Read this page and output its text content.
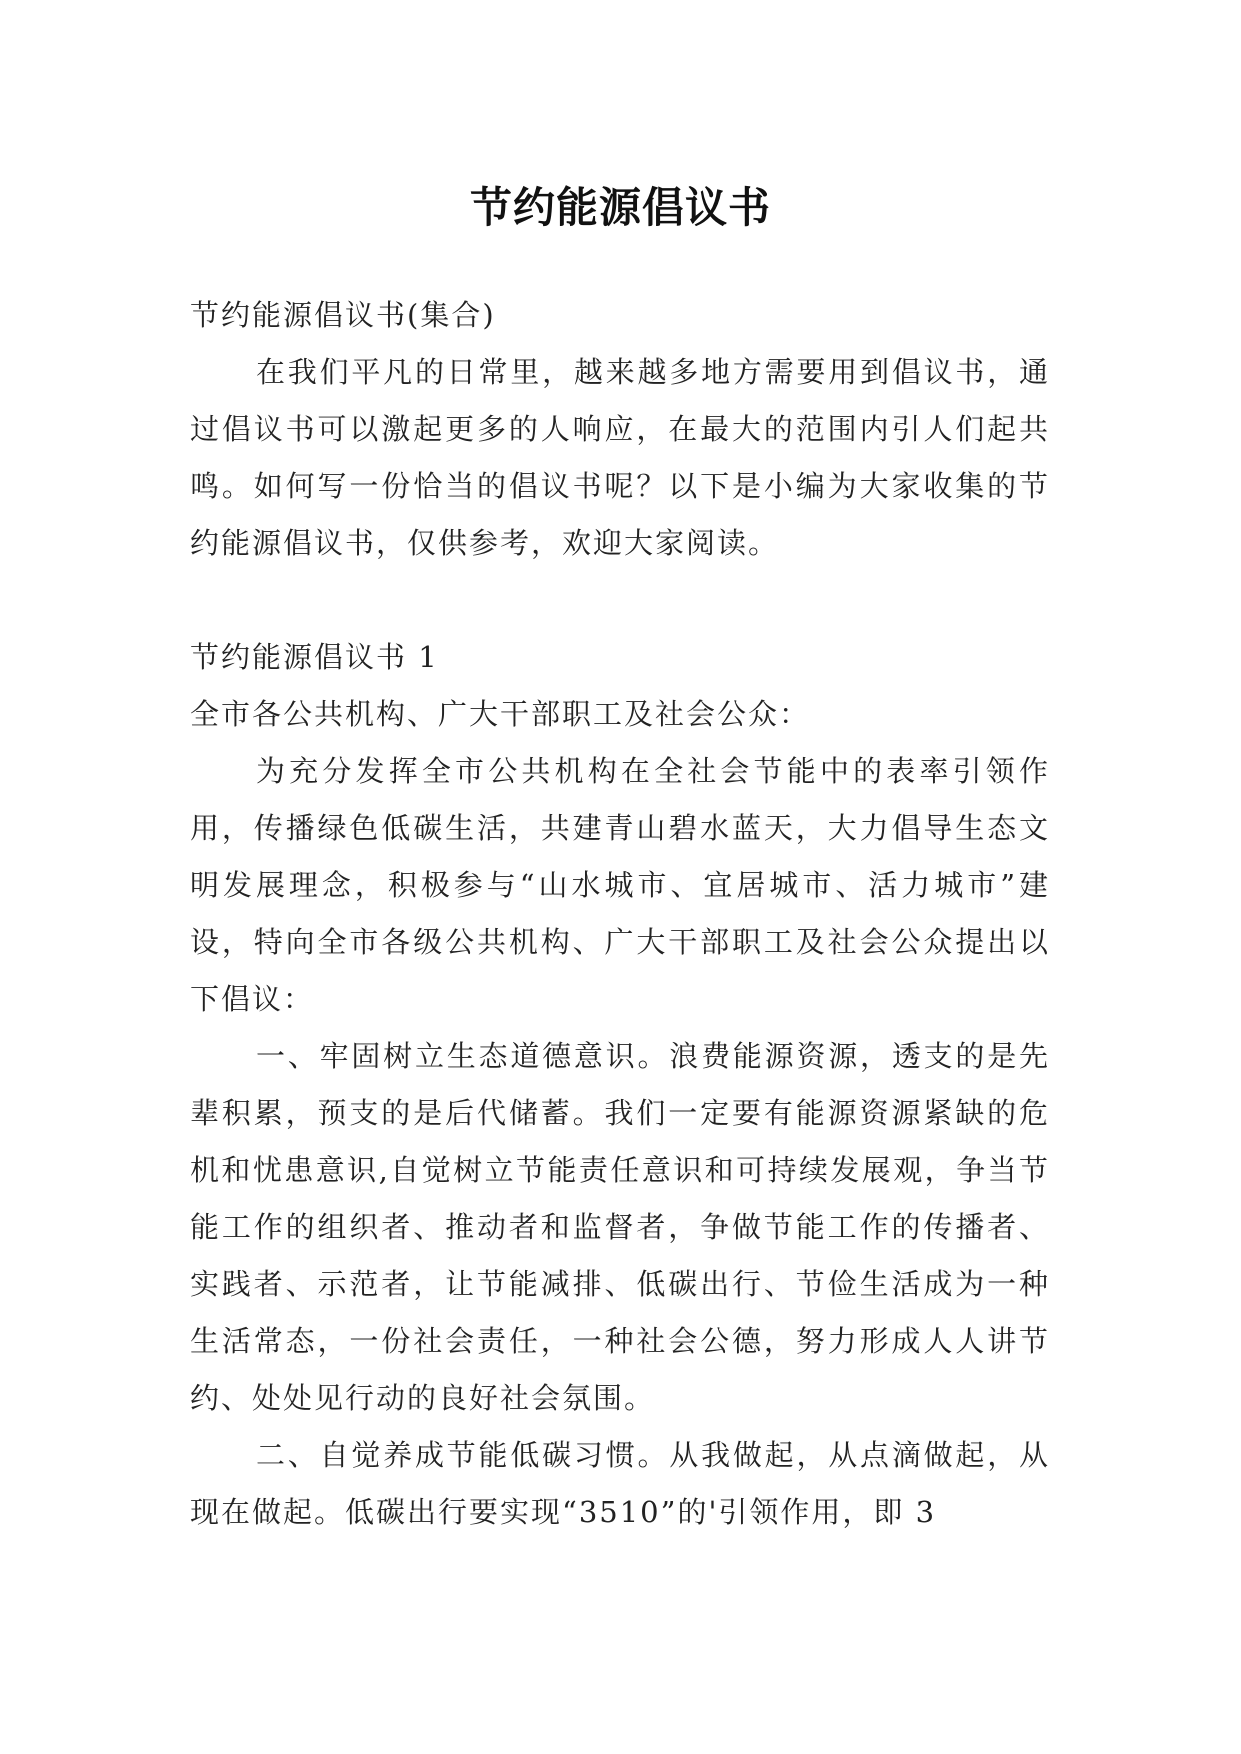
节约能源倡议书

节约能源倡议书(集合)

在我们平凡的日常里，越来越多地方需要用到倡议书，通过倡议书可以激起更多的人响应，在最大的范围内引人们起共鸣。如何写一份恰当的倡议书呢？以下是小编为大家收集的节约能源倡议书，仅供参考，欢迎大家阅读。

节约能源倡议书 1

全市各公共机构、广大干部职工及社会公众：

为充分发挥全市公共机构在全社会节能中的表率引领作用，传播绿色低碳生活，共建青山碧水蓝天，大力倡导生态文明发展理念，积极参与“山水城市、宜居城市、活力城市”建设，特向全市各级公共机构、广大干部职工及社会公众提出以下倡议：

一、牢固树立生态道德意识。浪费能源资源，透支的是先辈积累，预支的是后代储蓄。我们一定要有能源资源紧缺的危机和忧患意识,自觉树立节能责任意识和可持续发展观，争当节能工作的组织者、推动者和监督者，争做节能工作的传播者、实践者、示范者，让节能减排、低碳出行、节俭生活成为一种生活常态，一份社会责任，一种社会公德，努力形成人人讲节约、处处见行动的良好社会氛围。

二、自觉养成节能低碳习惯。从我做起，从点滴做起，从现在做起。低碳出行要实现“3510”的'引领作用，即 3
